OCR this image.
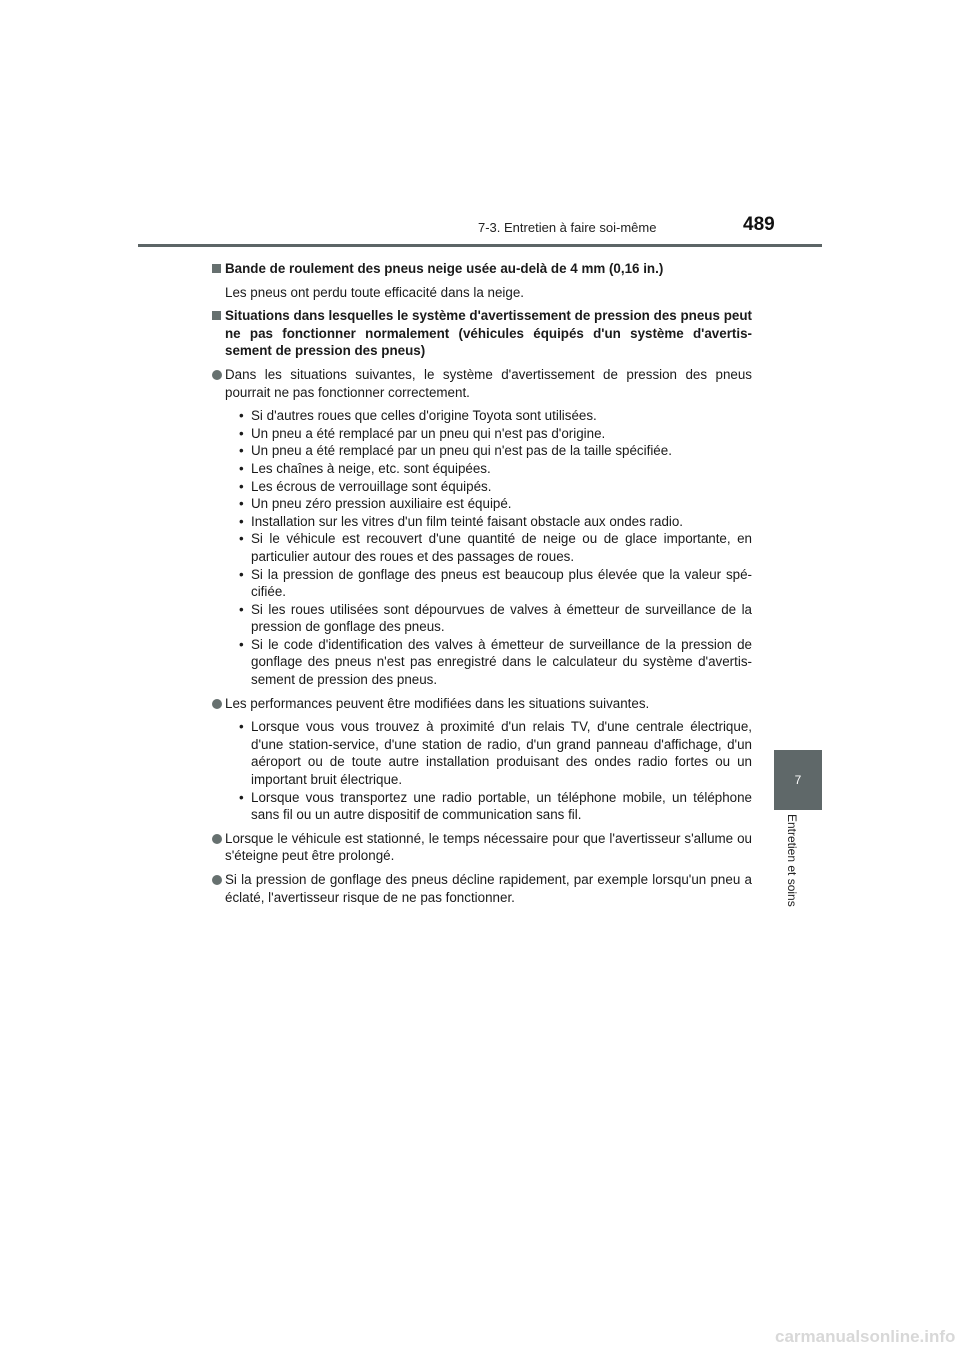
7-3. Entretien à faire soi-même	489
7
Entretien et soins
Bande de roulement des pneus neige usée au-delà de 4 mm (0,16 in.)
Les pneus ont perdu toute efficacité dans la neige.
Situations dans lesquelles le système d'avertissement de pression des pneus peut ne pas fonctionner normalement (véhicules équipés d'un système d'avertis-sement de pression des pneus)
Dans les situations suivantes, le système d'avertissement de pression des pneus pourrait ne pas fonctionner correctement.
• Si d'autres roues que celles d'origine Toyota sont utilisées.
• Un pneu a été remplacé par un pneu qui n'est pas d'origine.
• Un pneu a été remplacé par un pneu qui n'est pas de la taille spécifiée.
• Les chaînes à neige, etc. sont équipées.
• Les écrous de verrouillage sont équipés.
• Un pneu zéro pression auxiliaire est équipé.
• Installation sur les vitres d'un film teinté faisant obstacle aux ondes radio.
• Si le véhicule est recouvert d'une quantité de neige ou de glace importante, en particulier autour des roues et des passages de roues.
• Si la pression de gonflage des pneus est beaucoup plus élevée que la valeur spé-cifiée.
• Si les roues utilisées sont dépourvues de valves à émetteur de surveillance de la pression de gonflage des pneus.
• Si le code d'identification des valves à émetteur de surveillance de la pression de gonflage des pneus n'est pas enregistré dans le calculateur du système d'avertis-sement de pression des pneus.
Les performances peuvent être modifiées dans les situations suivantes.
• Lorsque vous vous trouvez à proximité d'un relais TV, d'une centrale électrique, d'une station-service, d'une station de radio, d'un grand panneau d'affichage, d'un aéroport ou de toute autre installation produisant des ondes radio fortes ou un important bruit électrique.
• Lorsque vous transportez une radio portable, un téléphone mobile, un téléphone sans fil ou un autre dispositif de communication sans fil.
Lorsque le véhicule est stationné, le temps nécessaire pour que l'avertisseur s'allume ou s'éteigne peut être prolongé.
Si la pression de gonflage des pneus décline rapidement, par exemple lorsqu'un pneu a éclaté, l'avertisseur risque de ne pas fonctionner.
carmanualsonline.info
